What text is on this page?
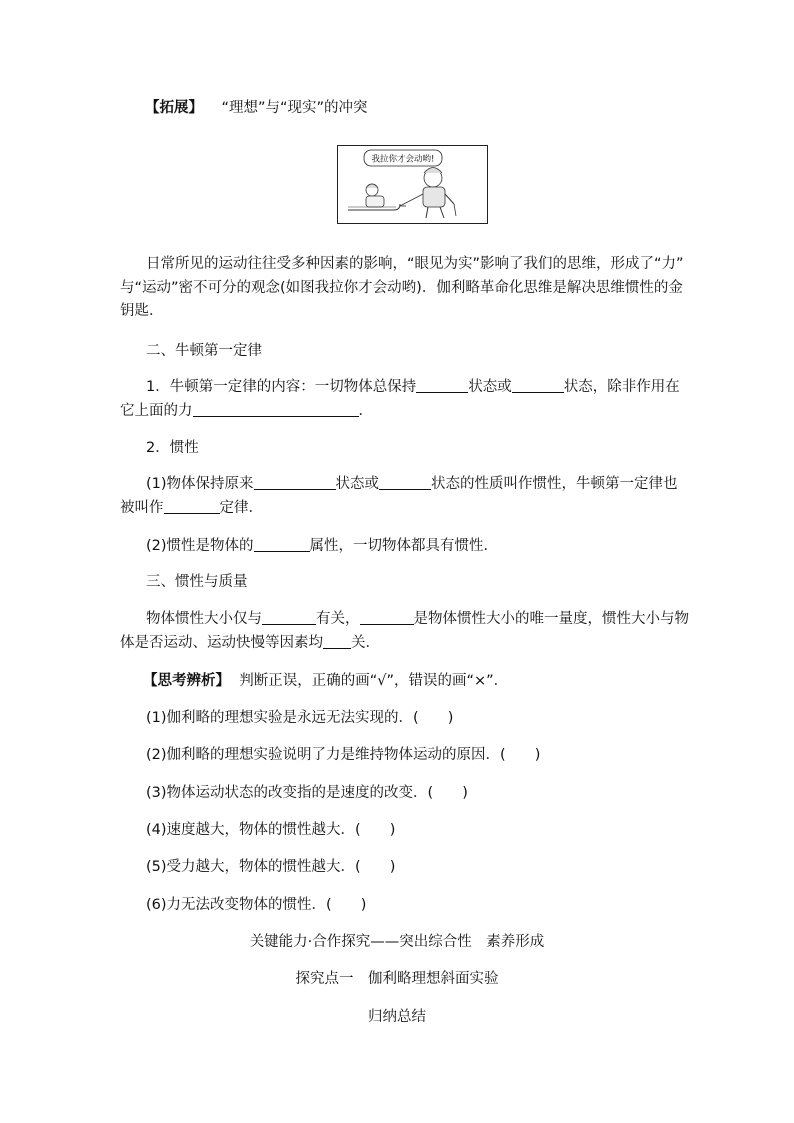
【拓展】 “理想”与“现实”的冲突
我拉你才会动哟!
日常所见的运动往往受多种因素的影响，“眼见为实”影响了我们的思维，形成了“力”
与“运动”密不可分的观念(如图我拉你才会动哟)．伽利略革命化思维是解决思维惯性的金
钥匙．
二、牛顿第一定律
1．牛顿第一定律的内容：一切物体总保持	状态或	状态，除非作用在
它上面的力	．
2．惯性
(1)物体保持原来	状态或	状态的性质叫作惯性，牛顿第一定律也
被叫作	定律．
(2)惯性是物体的	属性，一切物体都具有惯性．
三、惯性与质量
物体惯性大小仅与	有关，	是物体惯性大小的唯一量度，惯性大小与物
体是否运动、运动快慢等因素均 关．
【思考辨析】 判断正误，正确的画“√”，错误的画“×”．
(1)伽利略的理想实验是永远无法实现的．(　　)
(2)伽利略的理想实验说明了力是维持物体运动的原因．(　　)
(3)物体运动状态的改变指的是速度的改变．(　　)
(4)速度越大，物体的惯性越大．(　　)
(5)受力越大，物体的惯性越大．(　　)
(6)力无法改变物体的惯性．(　　)
关键能力·合作探究——突出综合性　素养形成
探究点一　伽利略理想斜面实验
归纳总结
